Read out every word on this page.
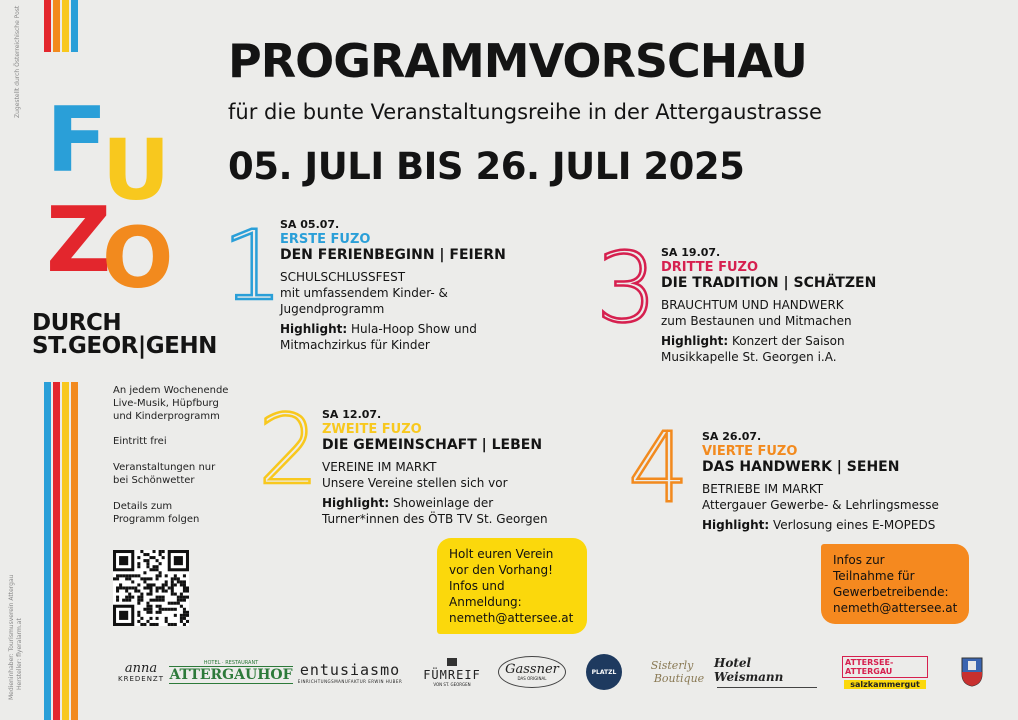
F
U
Z
O
DURCH
ST.GEOR|GEHN
Zugestellt durch Österreichische Post
Medieninhaber: Tourismusverein Attergau Hersteller: flyeralarm.at
An jedem Wochenende
Live-Musik, Hüpfburg
und Kinderprogramm
Eintritt frei
Veranstaltungen nur
bei Schönwetter
Details zum
Programm folgen
PROGRAMMVORSCHAU
für die bunte Veranstaltungsreihe in der Attergaustrasse
05. JULI BIS 26. JULI 2025
1
2
3
4
SA 05.07.
ERSTE FUZO
DEN FERIENBEGINN | FEIERN
SCHULSCHLUSSFEST
mit umfassendem Kinder- &
Jugendprogramm
Highlight: Hula-Hoop Show und
Mitmachzirkus für Kinder
SA 12.07.
ZWEITE FUZO
DIE GEMEINSCHAFT | LEBEN
VEREINE IM MARKT
Unsere Vereine stellen sich vor
Highlight: Showeinlage der
Turner*innen des ÖTB TV St. Georgen
SA 19.07.
DRITTE FUZO
DIE TRADITION | SCHÄTZEN
BRAUCHTUM UND HANDWERK
zum Bestaunen und Mitmachen
Highlight: Konzert der Saison
Musikkapelle St. Georgen i.A.
SA 26.07.
VIERTE FUZO
DAS HANDWERK | SEHEN
BETRIEBE IM MARKT
Attergauer Gewerbe- & Lehrlingsmesse
Highlight: Verlosung eines E-MOPEDS
Holt euren Verein
vor den Vorhang!
Infos und Anmeldung:
nemeth@attersee.at
Infos zur
Teilnahme für
Gewerbetreibende:
nemeth@attersee.at
anna
KREDENZT
HOTEL · RESTAURANT
ATTERGAUHOF entusiasmo
EINRICHTUNGSMANUFAKTUR ERWIN HUBER FÜMREIF
VON ST. GEORGEN
Gassner
DAS ORIGINAL
PLATZL	Sisterly
Boutique
Hotel Weismann
ATTERSEE-ATTERGAU
salzkammergut
